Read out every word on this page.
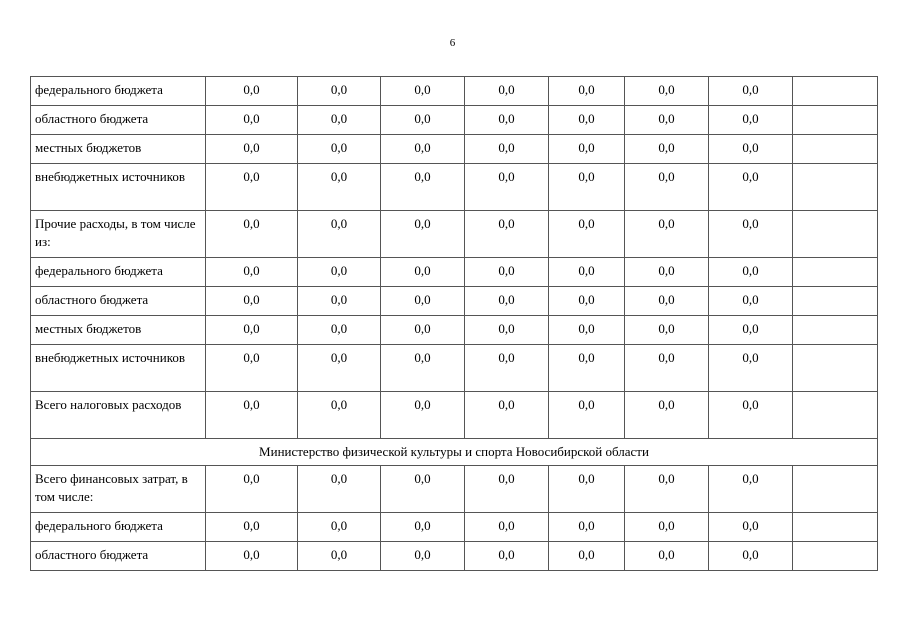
6
федерального бюджета	0,0	0,0	0,0	0,0	0,0	0,0	0,0	
областного бюджета	0,0	0,0	0,0	0,0	0,0	0,0	0,0	
местных бюджетов	0,0	0,0	0,0	0,0	0,0	0,0	0,0	
внебюджетных источников	0,0	0,0	0,0	0,0	0,0	0,0	0,0	
Прочие расходы, в том числе из:	0,0	0,0	0,0	0,0	0,0	0,0	0,0	
федерального бюджета	0,0	0,0	0,0	0,0	0,0	0,0	0,0	
областного бюджета	0,0	0,0	0,0	0,0	0,0	0,0	0,0	
местных бюджетов	0,0	0,0	0,0	0,0	0,0	0,0	0,0	
внебюджетных источников	0,0	0,0	0,0	0,0	0,0	0,0	0,0	
Всего налоговых расходов	0,0	0,0	0,0	0,0	0,0	0,0	0,0	
Министерство физической культуры и спорта Новосибирской области								
Всего финансовых затрат, в том числе:	0,0	0,0	0,0	0,0	0,0	0,0	0,0	
федерального бюджета	0,0	0,0	0,0	0,0	0,0	0,0	0,0	
областного бюджета	0,0	0,0	0,0	0,0	0,0	0,0	0,0	
